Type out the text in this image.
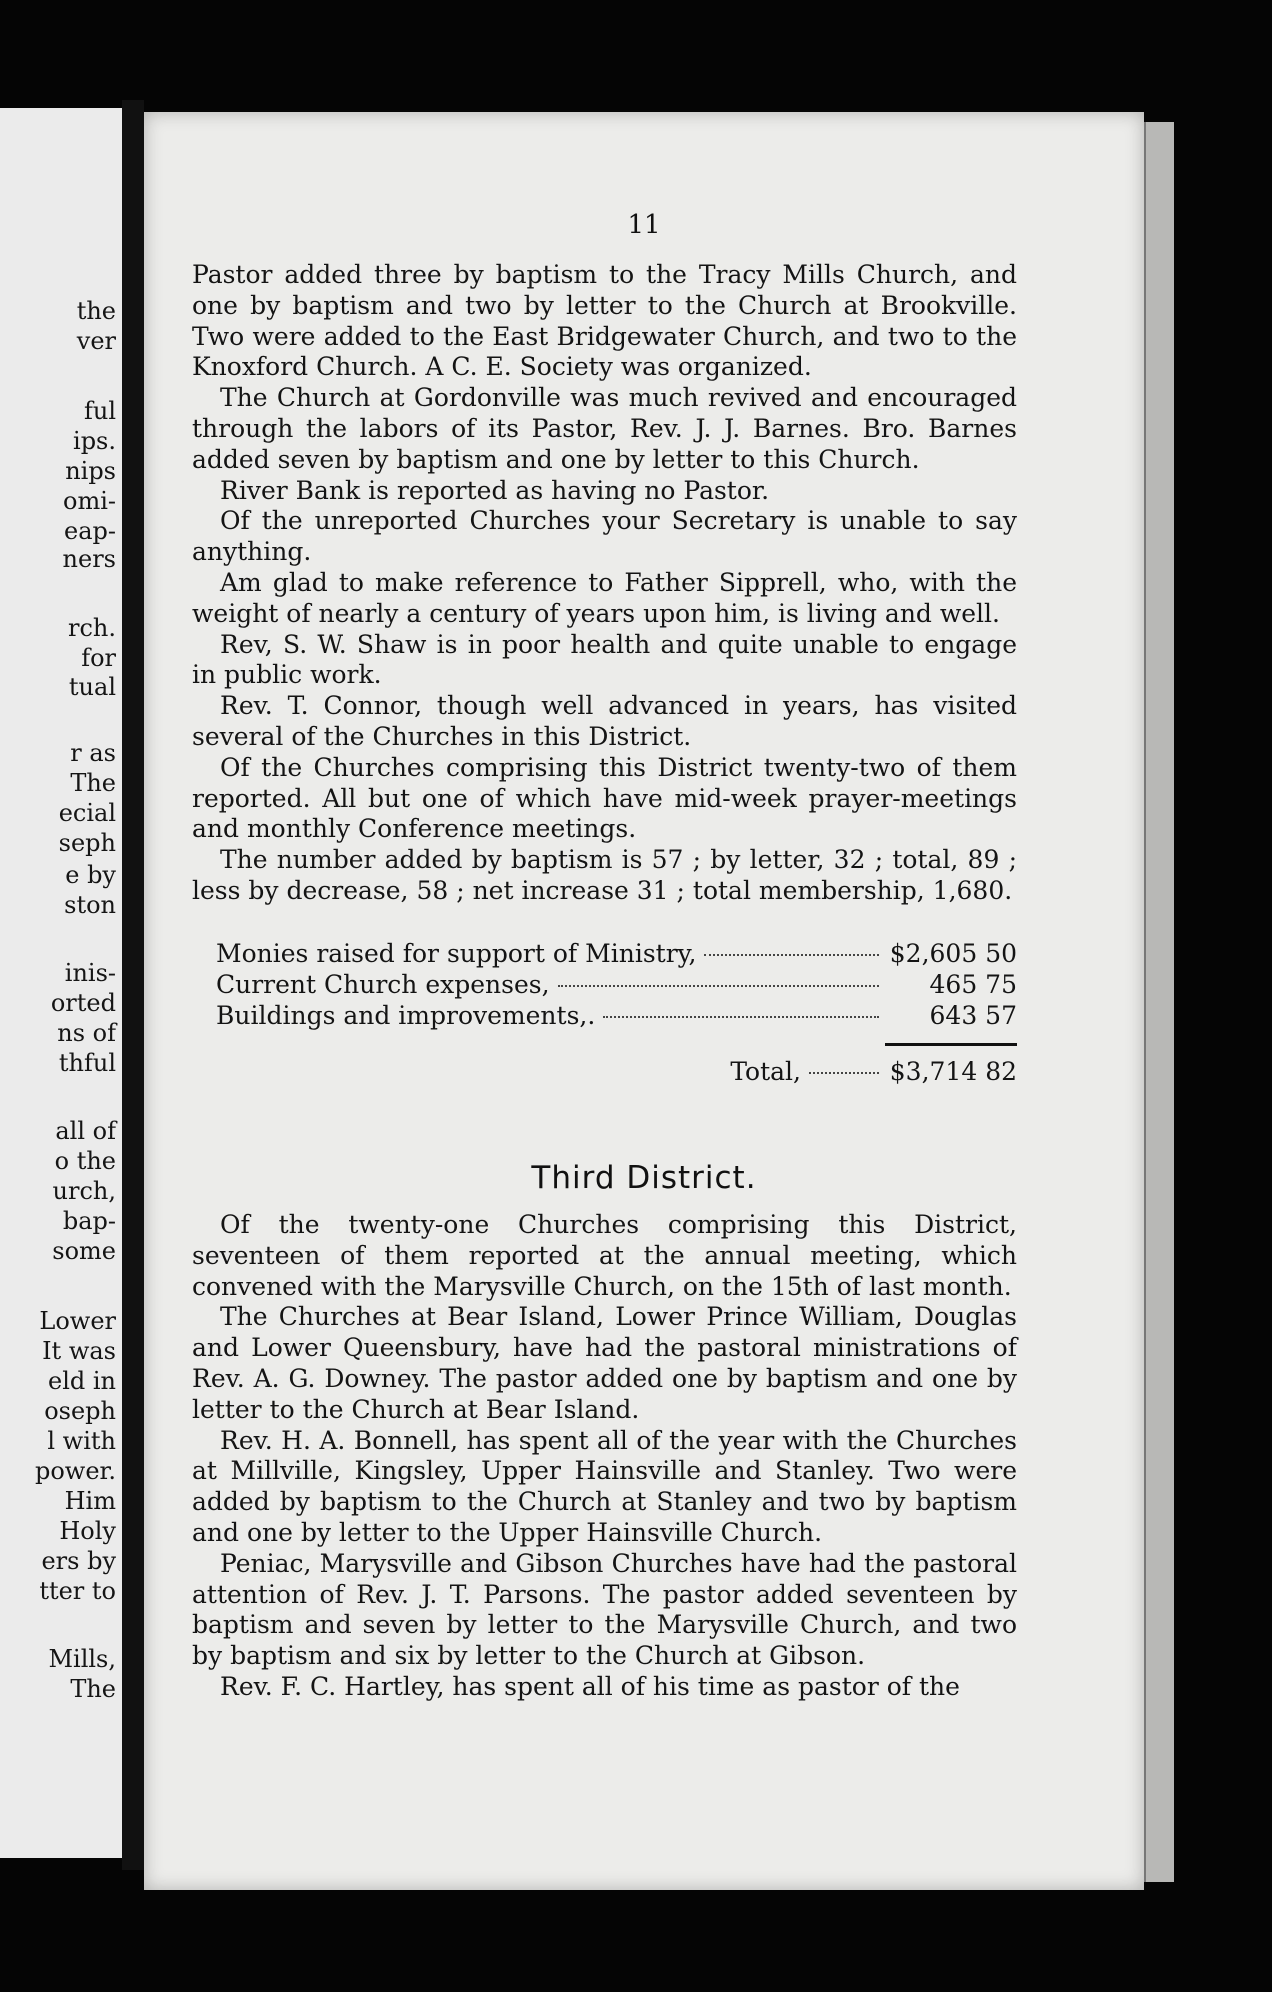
the
ver
ful
ips.
nips
omi-
eap-
ners
rch.
for
tual
r as
The
ecial
seph
e by
ston
inis-
orted
ns of
thful
all of
o the
urch,
bap-
some
Lower
It was
eld in
oseph
l with
power.
Him
Holy
ers by
tter to
Mills,
The
11

Pastor added three by baptism to the Tracy Mills Church, and one by baptism and two by letter to the Church at Brookville. Two were added to the East Bridgewater Church, and two to the Knoxford Church. A C. E. Society was organized.

The Church at Gordonville was much revived and encouraged through the labors of its Pastor, Rev. J. J. Barnes. Bro. Barnes added seven by baptism and one by letter to this Church.

River Bank is reported as having no Pastor.

Of the unreported Churches your Secretary is unable to say anything.

Am glad to make reference to Father Sipprell, who, with the weight of nearly a century of years upon him, is living and well.

Rev, S. W. Shaw is in poor health and quite unable to engage in public work.

Rev. T. Connor, though well advanced in years, has visited several of the Churches in this District.

Of the Churches comprising this District twenty-two of them reported. All but one of which have mid-week prayer-meetings and monthly Conference meetings.

The number added by baptism is 57 ; by letter, 32 ; total, 89 ; less by decrease, 58 ; net increase 31 ; total membership, 1,680.

Monies raised for support of Ministry,	$2,605 50
Current Church expenses,	465 75
Buildings and improvements,.	643 57
Total,	$3,714 82
Third District.

Of the twenty-one Churches comprising this District, seventeen of them reported at the annual meeting, which convened with the Marysville Church, on the 15th of last month.

The Churches at Bear Island, Lower Prince William, Douglas and Lower Queensbury, have had the pastoral ministrations of Rev. A. G. Downey. The pastor added one by baptism and one by letter to the Church at Bear Island.

Rev. H. A. Bonnell, has spent all of the year with the Churches at Millville, Kingsley, Upper Hainsville and Stanley. Two were added by baptism to the Church at Stanley and two by baptism and one by letter to the Upper Hainsville Church.

Peniac, Marysville and Gibson Churches have had the pastoral attention of Rev. J. T. Parsons. The pastor added seventeen by baptism and seven by letter to the Marysville Church, and two by baptism and six by letter to the Church at Gibson.

Rev. F. C. Hartley, has spent all of his time as pastor of the
